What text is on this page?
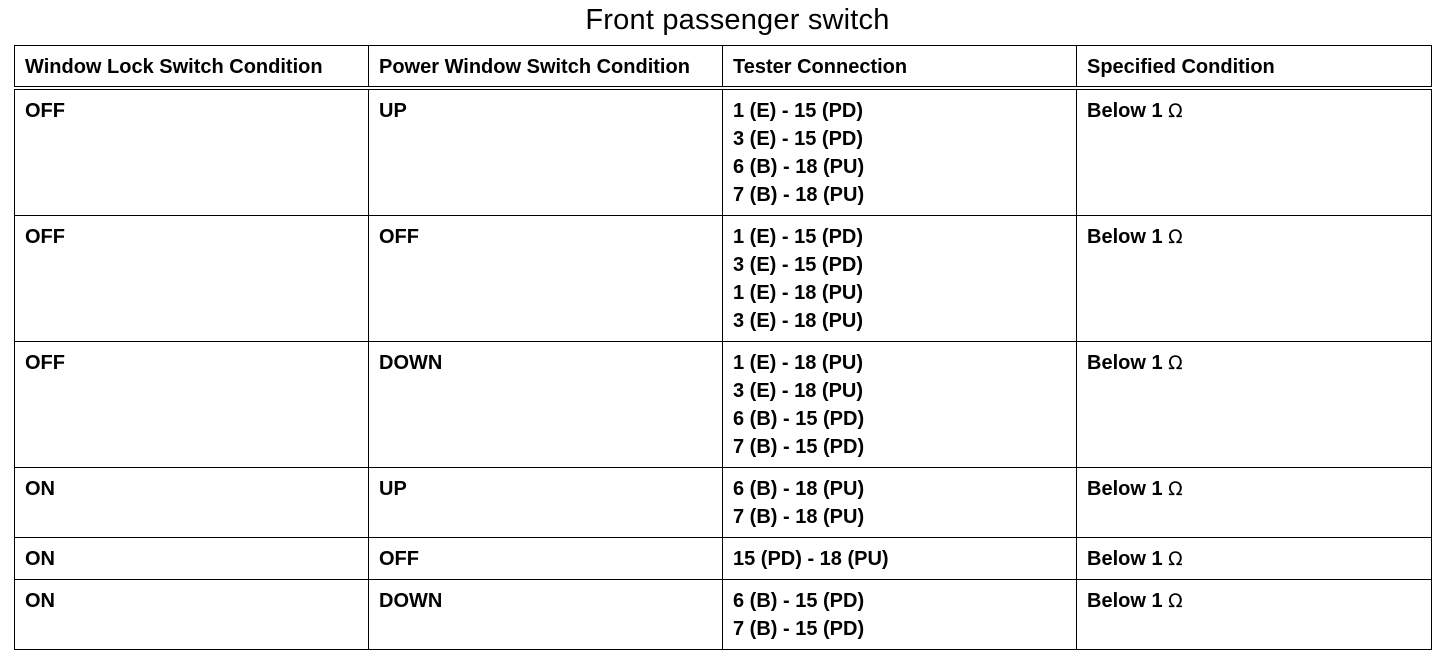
Front passenger switch
Window Lock Switch Condition	Power Window Switch Condition	Tester Connection	Specified Condition
OFF	UP	1 (E) - 15 (PD)
3 (E) - 15 (PD)
6 (B) - 18 (PU)
7 (B) - 18 (PU)	Below 1 Ω
OFF	OFF	1 (E) - 15 (PD)
3 (E) - 15 (PD)
1 (E) - 18 (PU)
3 (E) - 18 (PU)	Below 1 Ω
OFF	DOWN	1 (E) - 18 (PU)
3 (E) - 18 (PU)
6 (B) - 15 (PD)
7 (B) - 15 (PD)	Below 1 Ω
ON	UP	6 (B) - 18 (PU)
7 (B) - 18 (PU)	Below 1 Ω
ON	OFF	15 (PD) - 18 (PU)	Below 1 Ω
ON	DOWN	6 (B) - 15 (PD)
7 (B) - 15 (PD)	Below 1 Ω
